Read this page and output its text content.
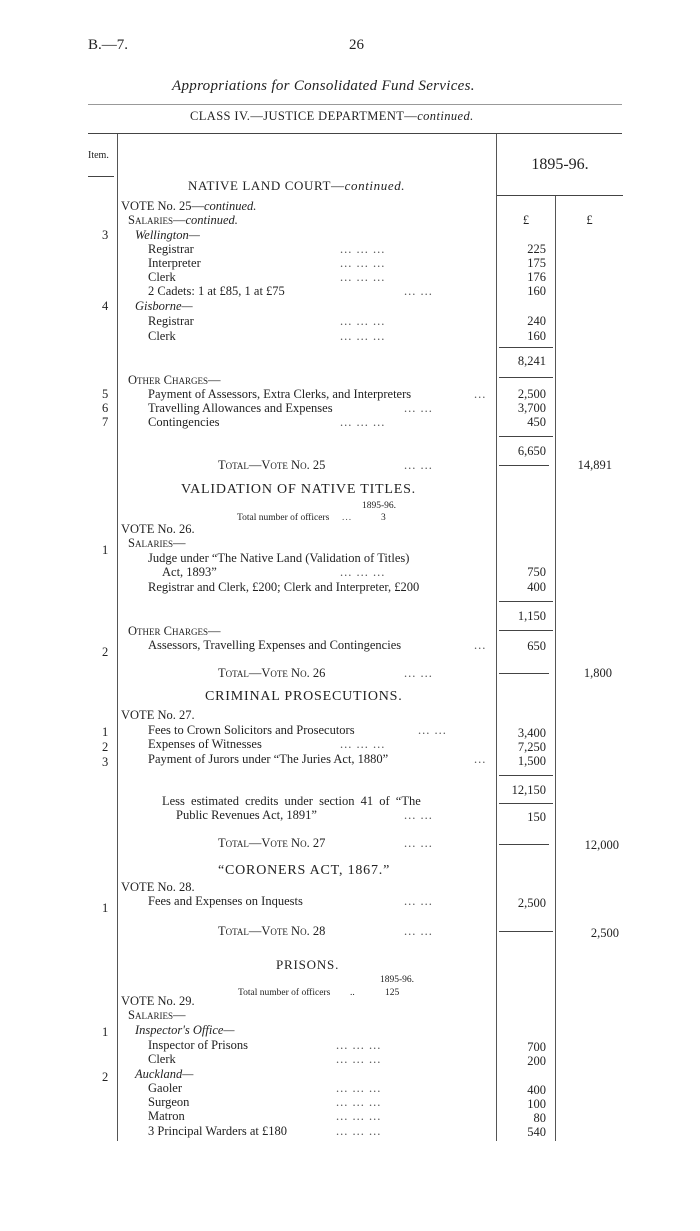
B.—7.	26
Appropriations for Consolidated Fund Services.
CLASS IV.—JUSTICE DEPARTMENT—continued.
Item.
1895-96.
£	£
NATIVE LAND COURT—continued.
VOTE No. 25—continued.
Salaries—continued.
3 Wellington—
Registrar	... ... ...	225
Interpreter	... ... ...	175
Clerk	... ... ...	176
2 Cadets: 1 at £85, 1 at £75	... ...	160
4 Gisborne—
Registrar	... ... ...	240
Clerk	... ... ...	160
8,241
Other Charges—
5	Payment of Assessors, Extra Clerks, and Interpreters	...	2,500
6	Travelling Allowances and Expenses	... ...	3,700
7	Contingencies	... ... ...	450
6,650
Total—Vote No. 25	... ...	14,891
VALIDATION OF NATIVE TITLES.
1895-96.
Total number of officers ...	3
VOTE No. 26.
Salaries—
1
Judge under “The Native Land (Validation of Titles)
Act, 1893”	... ... ...	750
Registrar and Clerk, £200; Clerk and Interpreter, £200	400
1,150
Other Charges—
2	Assessors, Travelling Expenses and Contingencies	...	650
Total—Vote No. 26	... ...	1,800
CRIMINAL PROSECUTIONS.
VOTE No. 27.
1	Fees to Crown Solicitors and Prosecutors	... ...	3,400
2	Expenses of Witnesses	... ... ...	7,250
3	Payment of Jurors under “The Juries Act, 1880”	...	1,500
12,150
Less estimated credits under section 41 of “The
Public Revenues Act, 1891”	... ...	150
Total—Vote No. 27	... ...	12,000
“CORONERS ACT, 1867.”
VOTE No. 28.
1	Fees and Expenses on Inquests	... ...	2,500
Total—Vote No. 28	... ...	2,500
PRISONS.
1895-96.
Total number of officers ..	125
VOTE No. 29.
Salaries—
1 Inspector's Office—
Inspector of Prisons	... ... ...	700
Clerk	... ... ...	200
2 Auckland—
Gaoler	... ... ...	400
Surgeon	... ... ...	100
Matron	... ... ...	80
3 Principal Warders at £180	... ... ...	540
